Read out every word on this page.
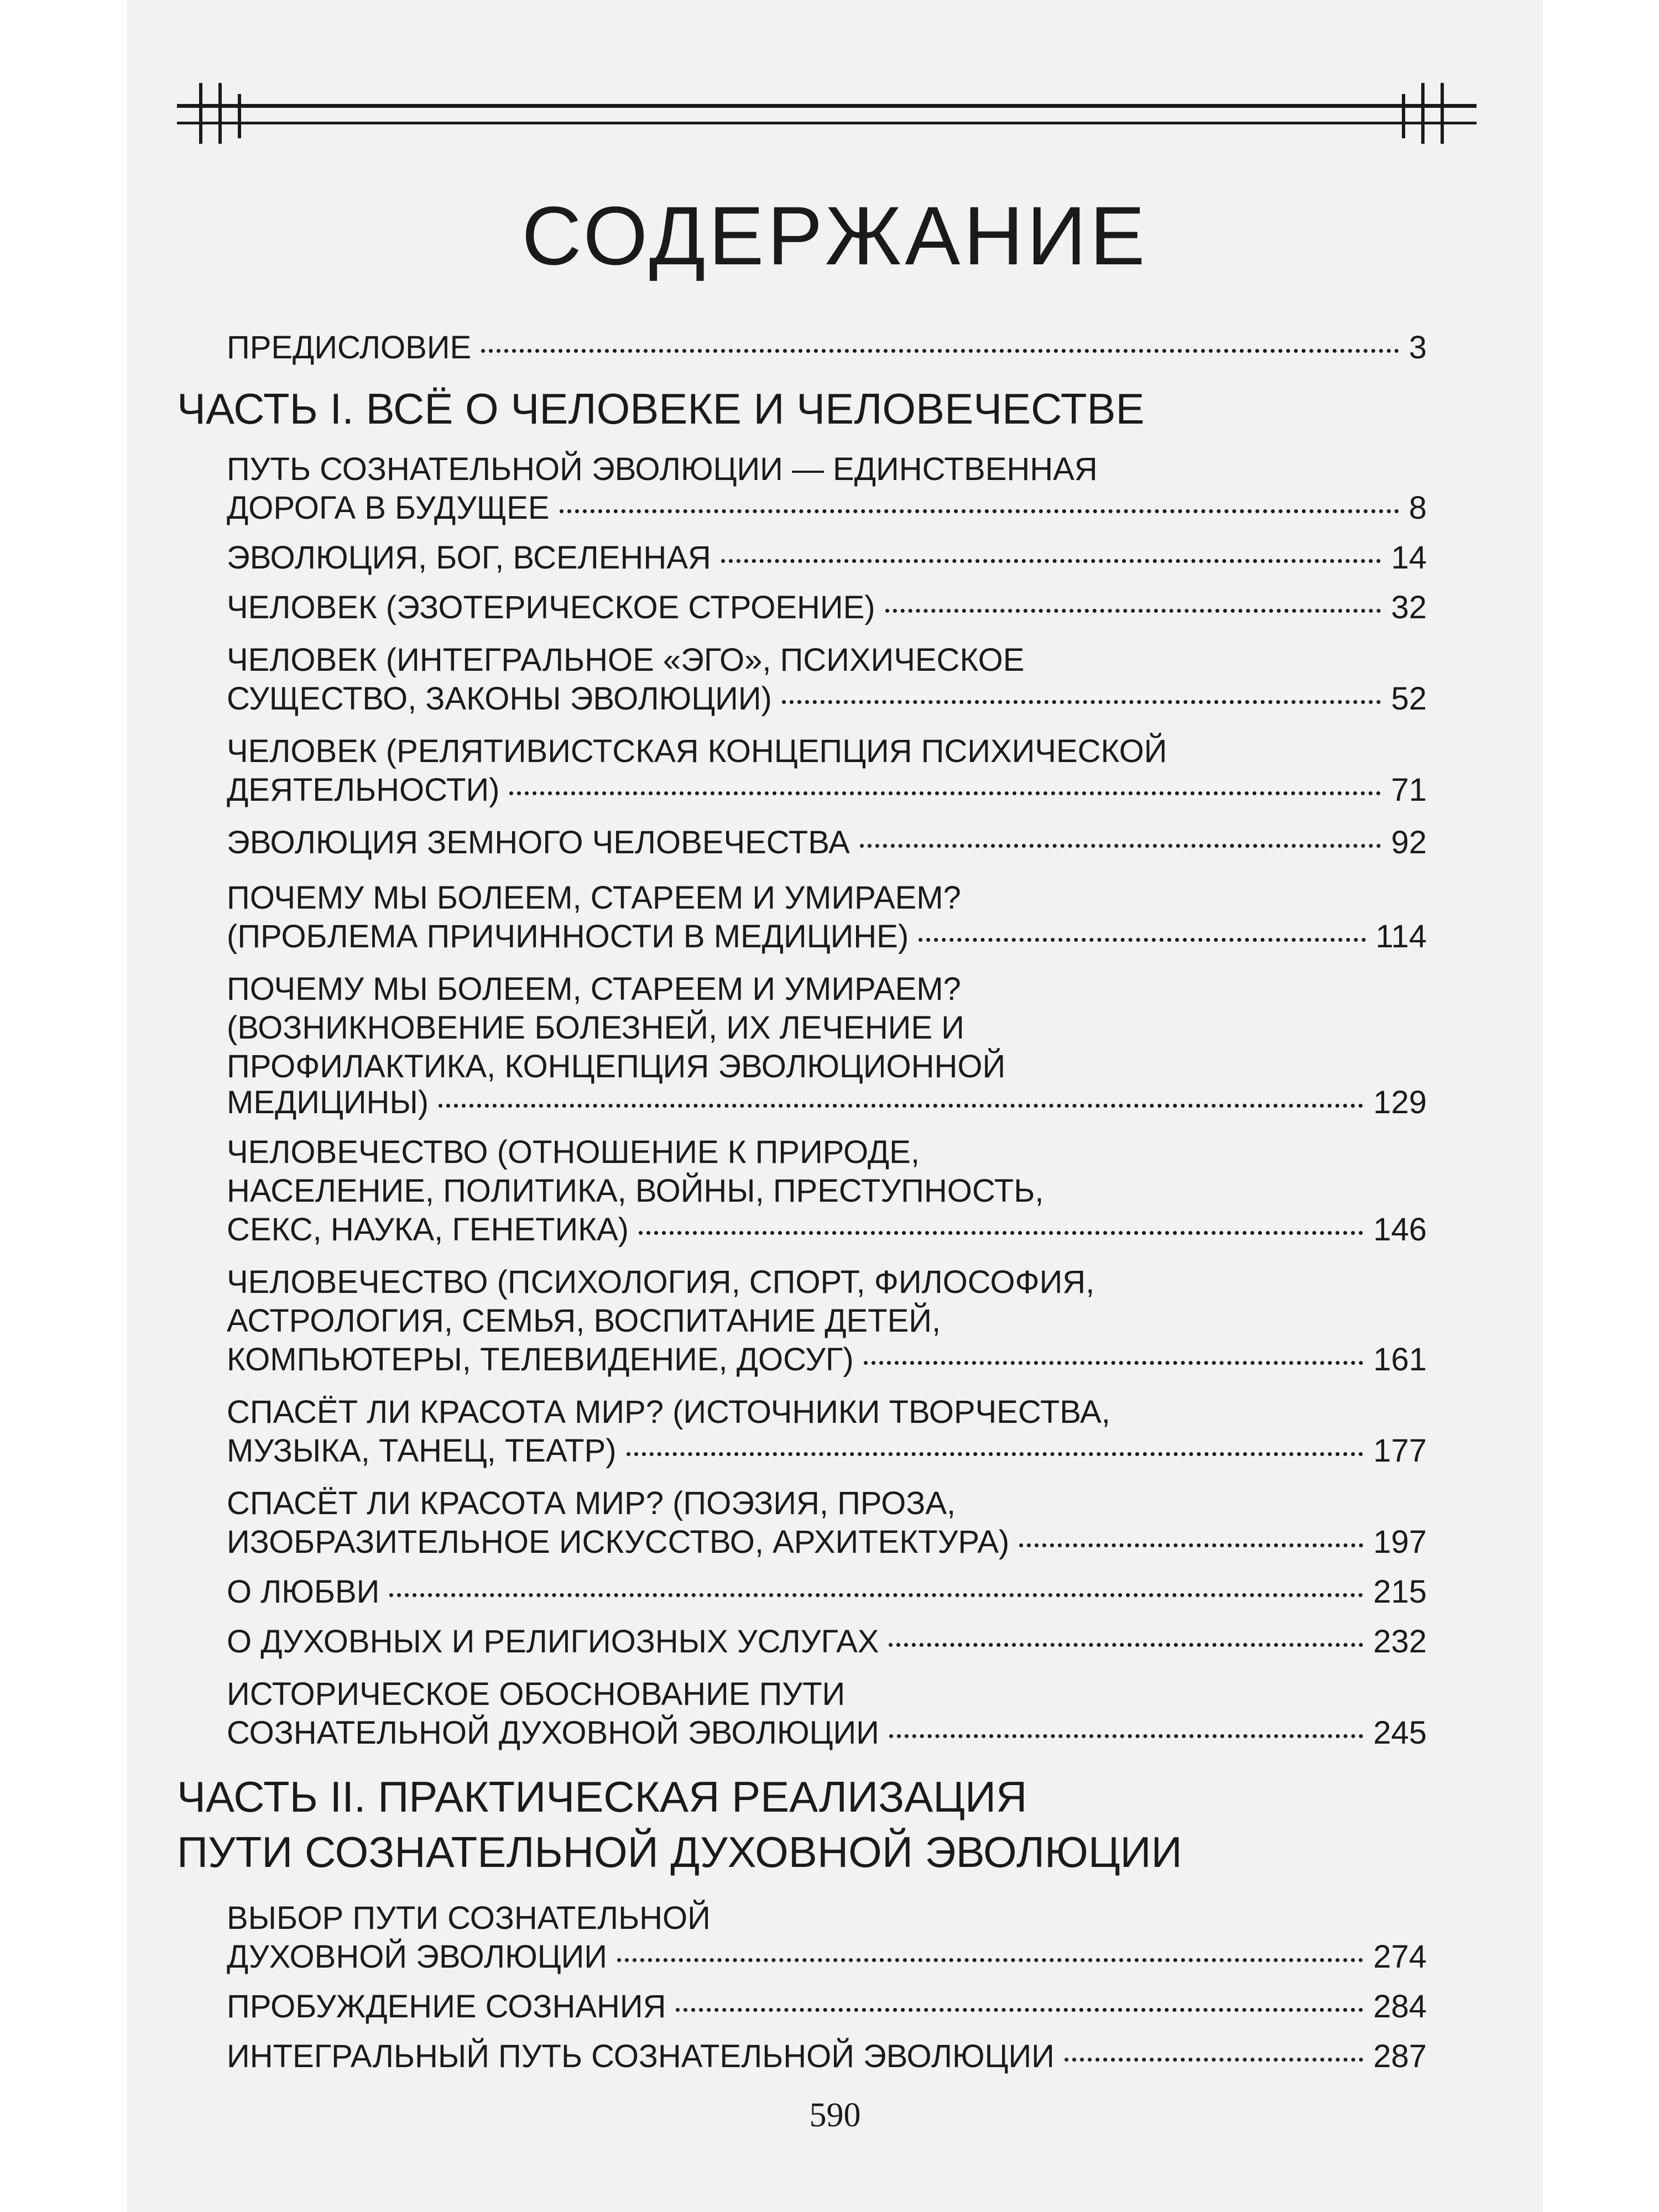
СОДЕРЖАНИЕ
ПРЕДИСЛОВИЕ	3
ЧАСТЬ I. ВСЁ О ЧЕЛОВЕКЕ И ЧЕЛОВЕЧЕСТВЕ
ПУТЬ СОЗНАТЕЛЬНОЙ ЭВОЛЮЦИИ — ЕДИНСТВЕННАЯ
ДОРОГА В БУДУЩЕЕ	8
ЭВОЛЮЦИЯ, БОГ, ВСЕЛЕННАЯ	14
ЧЕЛОВЕК (ЭЗОТЕРИЧЕСКОЕ СТРОЕНИЕ)	32
ЧЕЛОВЕК (ИНТЕГРАЛЬНОЕ «ЭГО», ПСИХИЧЕСКОЕ
СУЩЕСТВО, ЗАКОНЫ ЭВОЛЮЦИИ)	52
ЧЕЛОВЕК (РЕЛЯТИВИСТСКАЯ КОНЦЕПЦИЯ ПСИХИЧЕСКОЙ
ДЕЯТЕЛЬНОСТИ)	71
ЭВОЛЮЦИЯ ЗЕМНОГО ЧЕЛОВЕЧЕСТВА	92
ПОЧЕМУ МЫ БОЛЕЕМ, СТАРЕЕМ И УМИРАЕМ?
(ПРОБЛЕМА ПРИЧИННОСТИ В МЕДИЦИНЕ)	114
ПОЧЕМУ МЫ БОЛЕЕМ, СТАРЕЕМ И УМИРАЕМ?
(ВОЗНИКНОВЕНИЕ БОЛЕЗНЕЙ, ИХ ЛЕЧЕНИЕ И
ПРОФИЛАКТИКА, КОНЦЕПЦИЯ ЭВОЛЮЦИОННОЙ
МЕДИЦИНЫ)	129
ЧЕЛОВЕЧЕСТВО (ОТНОШЕНИЕ К ПРИРОДЕ,
НАСЕЛЕНИЕ, ПОЛИТИКА, ВОЙНЫ, ПРЕСТУПНОСТЬ,
СЕКС, НАУКА, ГЕНЕТИКА)	146
ЧЕЛОВЕЧЕСТВО (ПСИХОЛОГИЯ, СПОРТ, ФИЛОСОФИЯ,
АСТРОЛОГИЯ, СЕМЬЯ, ВОСПИТАНИЕ ДЕТЕЙ,
КОМПЬЮТЕРЫ, ТЕЛЕВИДЕНИЕ, ДОСУГ)	161
СПАСЁТ ЛИ КРАСОТА МИР? (ИСТОЧНИКИ ТВОРЧЕСТВА,
МУЗЫКА, ТАНЕЦ, ТЕАТР)	177
СПАСЁТ ЛИ КРАСОТА МИР? (ПОЭЗИЯ, ПРОЗА,
ИЗОБРАЗИТЕЛЬНОЕ ИСКУССТВО, АРХИТЕКТУРА)	197
О ЛЮБВИ	215
О ДУХОВНЫХ И РЕЛИГИОЗНЫХ УСЛУГАХ	232
ИСТОРИЧЕСКОЕ ОБОСНОВАНИЕ ПУТИ
СОЗНАТЕЛЬНОЙ ДУХОВНОЙ ЭВОЛЮЦИИ	245
ЧАСТЬ II. ПРАКТИЧЕСКАЯ РЕАЛИЗАЦИЯ
ПУТИ СОЗНАТЕЛЬНОЙ ДУХОВНОЙ ЭВОЛЮЦИИ
ВЫБОР ПУТИ СОЗНАТЕЛЬНОЙ
ДУХОВНОЙ ЭВОЛЮЦИИ	274
ПРОБУЖДЕНИЕ СОЗНАНИЯ	284
ИНТЕГРАЛЬНЫЙ ПУТЬ СОЗНАТЕЛЬНОЙ ЭВОЛЮЦИИ	287
590
